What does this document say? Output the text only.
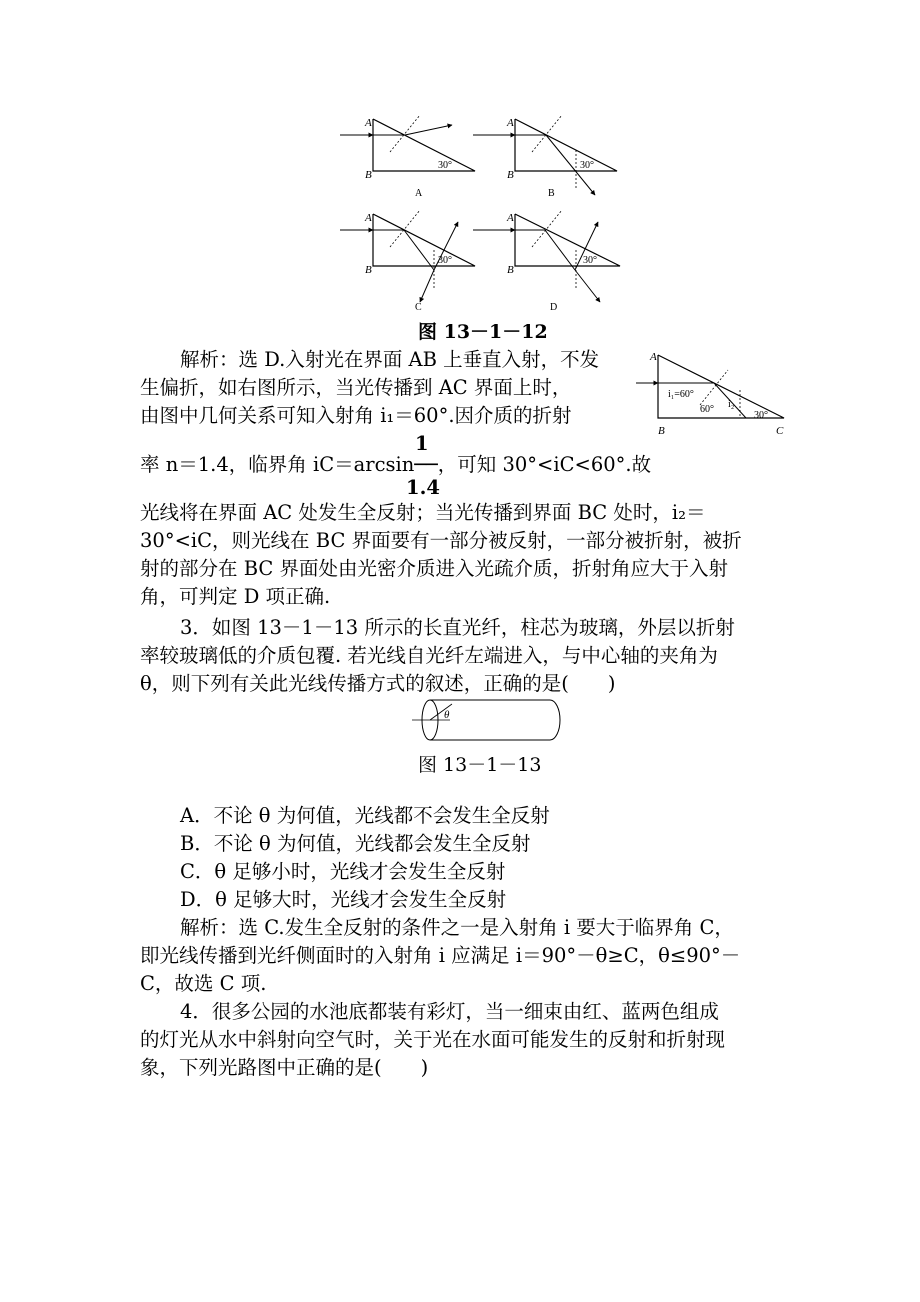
A
B
30°
A
A
B
30°
B
A
B
30°
C
A
B
30°
D
图 13－1－12
A
B	C
i₁=60°
60° i₂
30°
解析：选 D.入射光在界面 AB 上垂直入射，不发
生偏折，如右图所示，当光传播到 AC 界面上时，
由图中几何关系可知入射角 i₁＝60°.因介质的折射
1
率 n＝1.4，临界角 iC＝arcsin──，可知 30°<iC<60°.故
1.4
光线将在界面 AC 处发生全反射；当光传播到界面 BC 处时，i₂＝
30°<iC，则光线在 BC 界面要有一部分被反射，一部分被折射，被折
射的部分在 BC 界面处由光密介质进入光疏介质，折射角应大于入射
角，可判定 D 项正确.
3．如图 13－1－13 所示的长直光纤，柱芯为玻璃，外层以折射
率较玻璃低的介质包覆. 若光线自光纤左端进入，与中心轴的夹角为
θ，则下列有关此光线传播方式的叙述，正确的是(　　)
θ
图 13－1－13
A．不论 θ 为何值，光线都不会发生全反射
B．不论 θ 为何值，光线都会发生全反射
C．θ 足够小时，光线才会发生全反射
D．θ 足够大时，光线才会发生全反射
解析：选 C.发生全反射的条件之一是入射角 i 要大于临界角 C，
即光线传播到光纤侧面时的入射角 i 应满足 i＝90°－θ≥C，θ≤90°－
C，故选 C 项.
4．很多公园的水池底都装有彩灯，当一细束由红、蓝两色组成
的灯光从水中斜射向空气时，关于光在水面可能发生的反射和折射现
象，下列光路图中正确的是(　　)
